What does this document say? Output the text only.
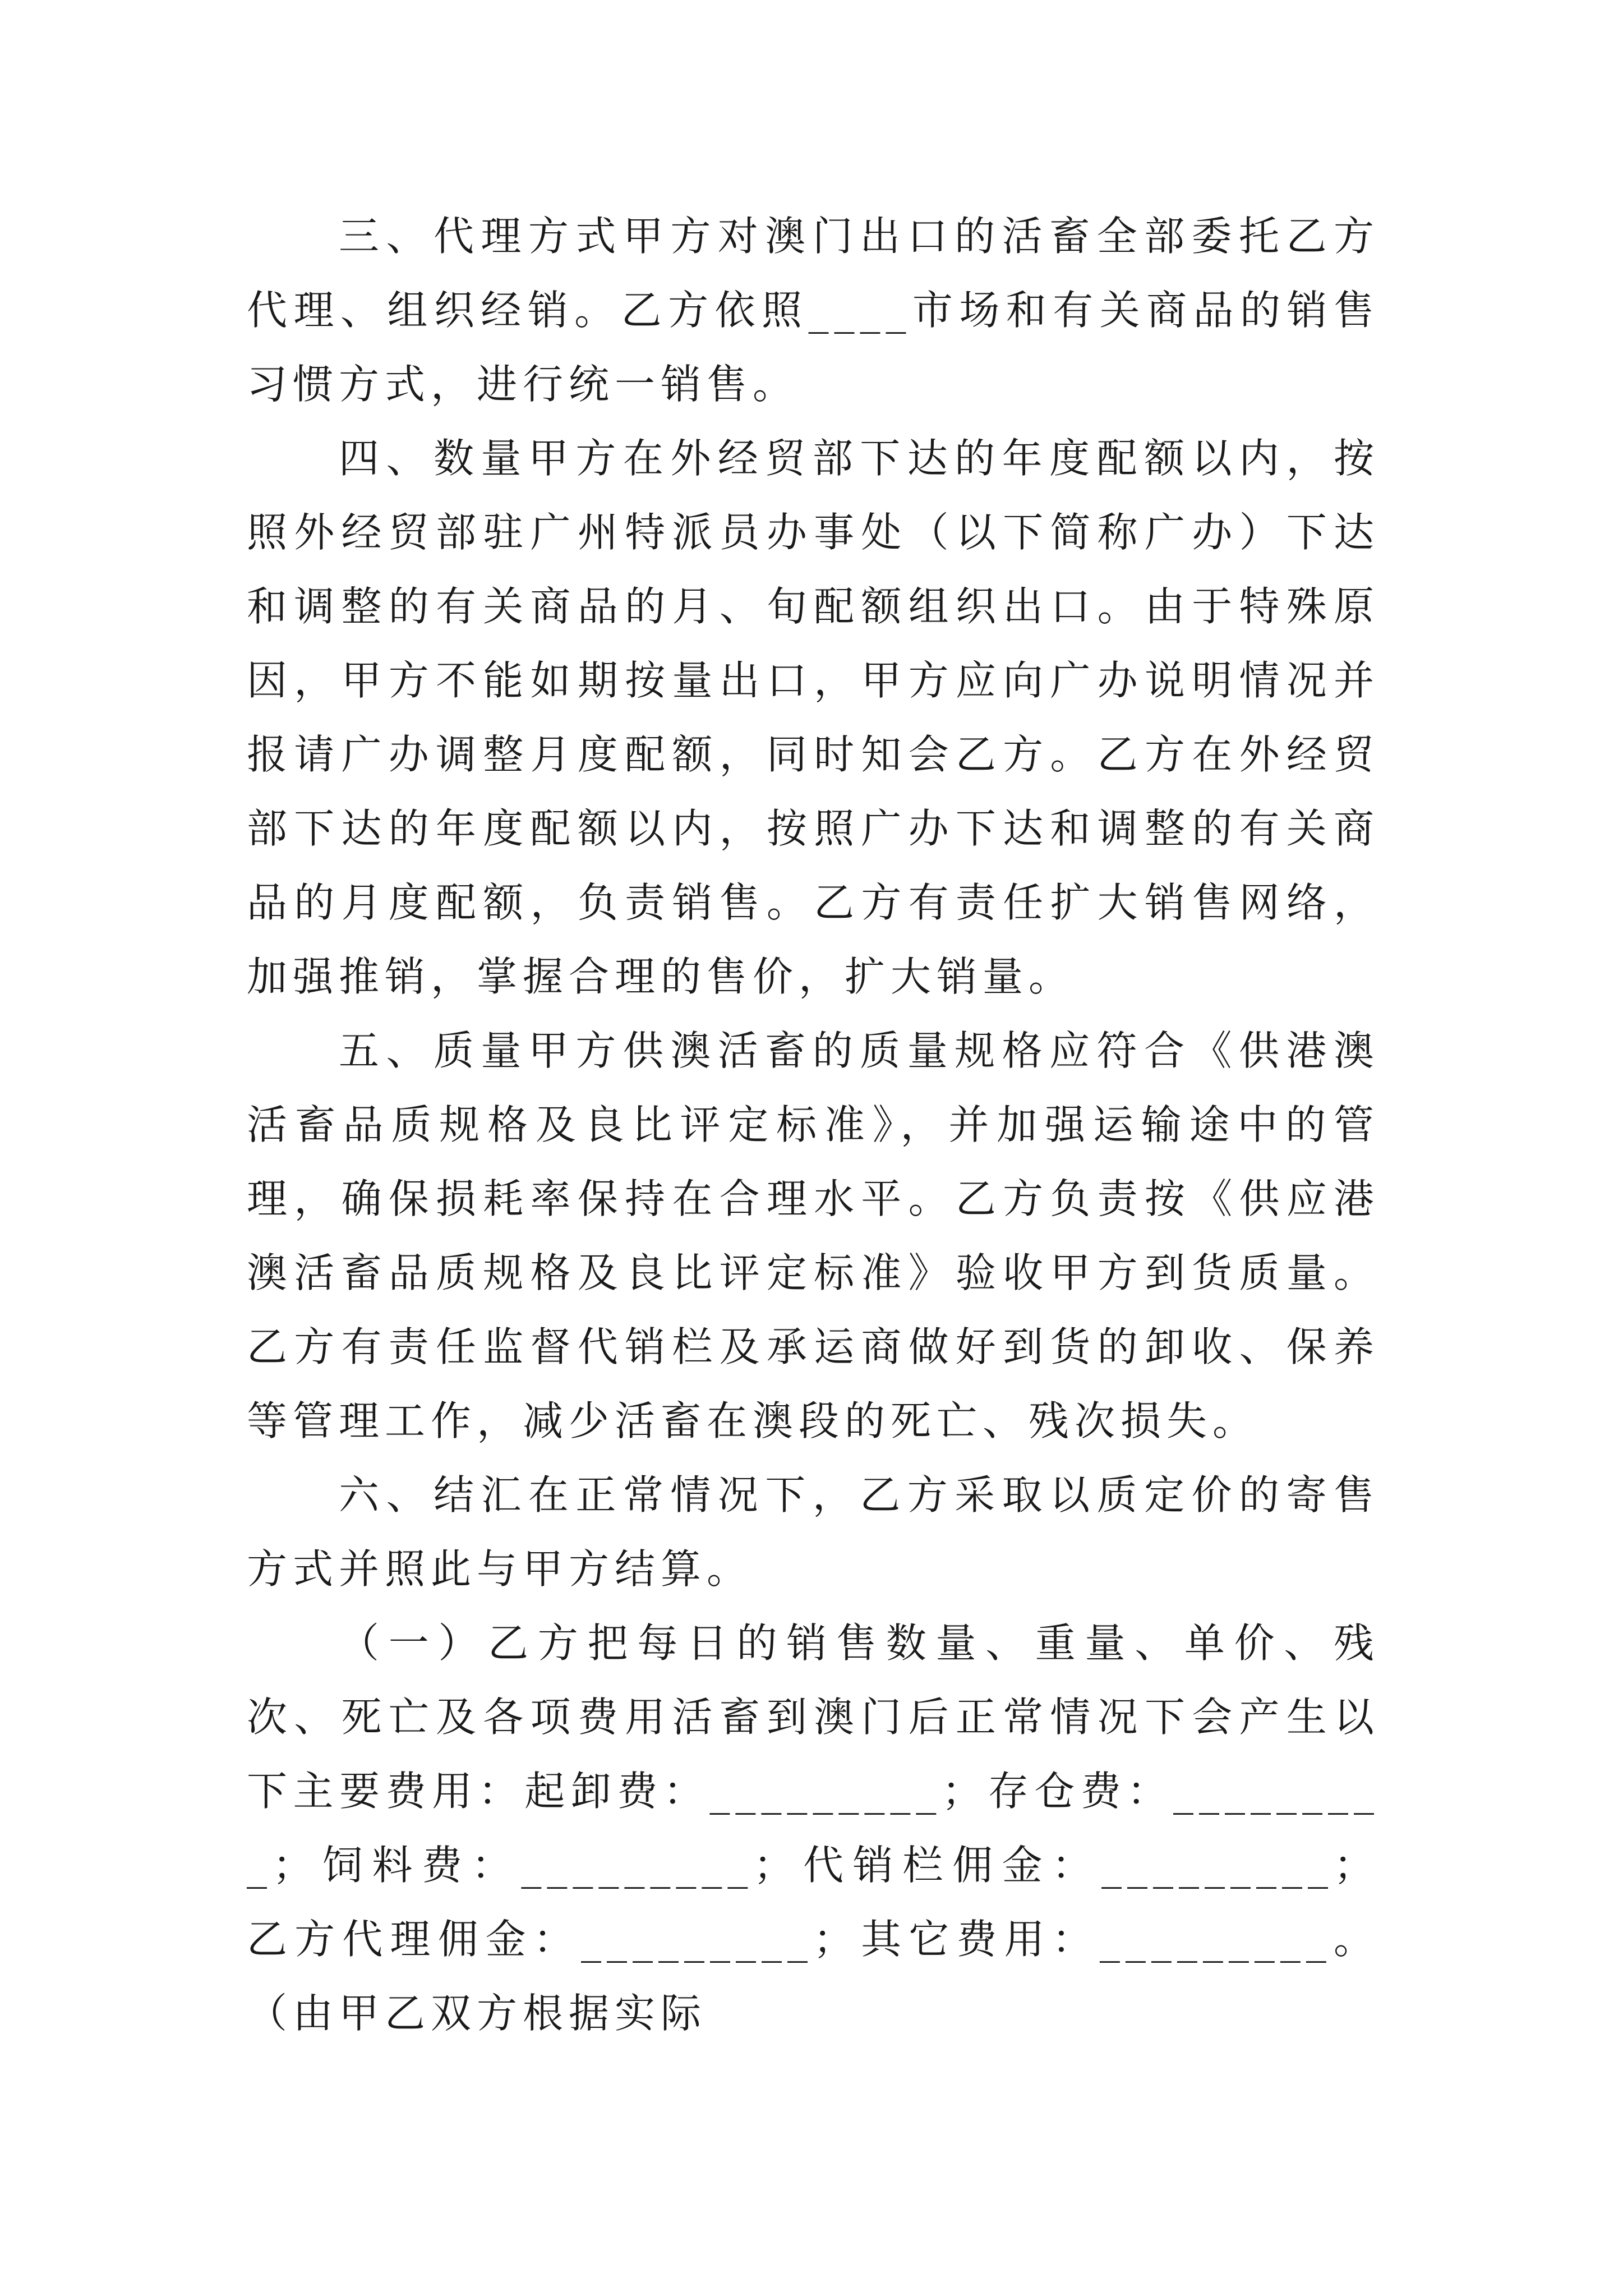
三、代理方式甲方对澳门出口的活畜全部委托乙方代理、组织经销。乙方依照____市场和有关商品的销售习惯方式，进行统一销售。

四、数量甲方在外经贸部下达的年度配额以内，按照外经贸部驻广州特派员办事处（以下简称广办）下达和调整的有关商品的月、旬配额组织出口。由于特殊原因，甲方不能如期按量出口，甲方应向广办说明情况并报请广办调整月度配额，同时知会乙方。乙方在外经贸部下达的年度配额以内，按照广办下达和调整的有关商品的月度配额，负责销售。乙方有责任扩大销售网络，加强推销，掌握合理的售价，扩大销量。

五、质量甲方供澳活畜的质量规格应符合《供港澳活畜品质规格及良比评定标准》，并加强运输途中的管理，确保损耗率保持在合理水平。乙方负责按《供应港澳活畜品质规格及良比评定标准》验收甲方到货质量。乙方有责任监督代销栏及承运商做好到货的卸收、保养等管理工作，减少活畜在澳段的死亡、残次损失。

六、结汇在正常情况下，乙方采取以质定价的寄售方式并照此与甲方结算。

（一）乙方把每日的销售数量、重量、单价、残次、死亡及各项费用活畜到澳门后正常情况下会产生以下主要费用：起卸费：_________；存仓费：_________；饲料费：_________；代销栏佣金：_________；乙方代理佣金：_________；其它费用：_________。（由甲乙双方根据实际
